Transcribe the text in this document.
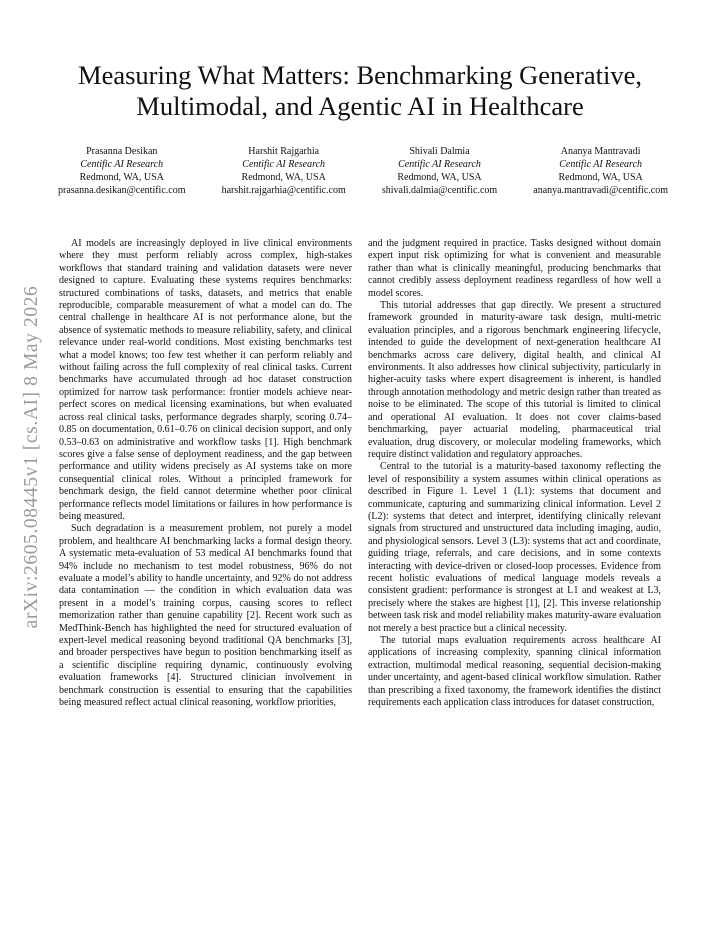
Measuring What Matters: Benchmarking Generative, Multimodal, and Agentic AI in Healthcare
Prasanna Desikan
Centific AI Research
Redmond, WA, USA
prasanna.desikan@centific.com
Harshit Rajgarhia
Centific AI Research
Redmond, WA, USA
harshit.rajgarhia@centific.com
Shivali Dalmia
Centific AI Research
Redmond, WA, USA
shivali.dalmia@centific.com
Ananya Mantravadi
Centific AI Research
Redmond, WA, USA
ananya.mantravadi@centific.com
arXiv:2605.08445v1 [cs.AI] 8 May 2026

AI models are increasingly deployed in live clinical environments where they must perform reliably across complex, high-stakes workflows that standard training and validation datasets were never designed to capture. Evaluating these systems requires benchmarks: structured combinations of tasks, datasets, and metrics that enable reproducible, comparable measurement of what a model can do. The central challenge in healthcare AI is not performance alone, but the absence of systematic methods to measure reliability, safety, and clinical relevance under real-world conditions. Most existing benchmarks test what a model knows; too few test whether it can perform reliably and without failing across the full complexity of real clinical tasks. Current benchmarks have accumulated through ad hoc dataset construction optimized for narrow task performance: frontier models achieve near-perfect scores on medical licensing examinations, but when evaluated across real clinical tasks, performance degrades sharply, scoring 0.74–0.85 on documentation, 0.61–0.76 on clinical decision support, and only 0.53–0.63 on administrative and workflow tasks [1]. High benchmark scores give a false sense of deployment readiness, and the gap between performance and utility widens precisely as AI systems take on more consequential clinical roles. Without a principled framework for benchmark design, the field cannot determine whether poor clinical performance reflects model limitations or failures in how performance is being measured.

Such degradation is a measurement problem, not purely a model problem, and healthcare AI benchmarking lacks a formal design theory. A systematic meta-evaluation of 53 medical AI benchmarks found that 94% include no mechanism to test model robustness, 96% do not evaluate a model’s ability to handle uncertainty, and 92% do not address data contamination — the condition in which evaluation data was present in a model’s training corpus, causing scores to reflect memorization rather than genuine capability [2]. Recent work such as MedThink-Bench has highlighted the need for structured evaluation of expert-level medical reasoning beyond traditional QA benchmarks [3], and broader perspectives have begun to position benchmarking itself as a scientific discipline requiring dynamic, continuously evolving evaluation frameworks [4]. Structured clinician involvement in benchmark construction is essential to ensuring that the capabilities being measured reflect actual clinical reasoning, workflow priorities,

and the judgment required in practice. Tasks designed without domain expert input risk optimizing for what is convenient and measurable rather than what is clinically meaningful, producing benchmarks that cannot credibly assess deployment readiness regardless of how well a model scores.

This tutorial addresses that gap directly. We present a structured framework grounded in maturity-aware task design, multi-metric evaluation principles, and a rigorous benchmark engineering lifecycle, intended to guide the development of next-generation healthcare AI benchmarks across care delivery, digital health, and clinical AI environments. It also addresses how clinical subjectivity, particularly in higher-acuity tasks where expert disagreement is inherent, is handled through annotation methodology and metric design rather than treated as noise to be eliminated. The scope of this tutorial is limited to clinical and operational AI evaluation. It does not cover claims-based benchmarking, payer actuarial modeling, pharmaceutical trial evaluation, drug discovery, or molecular modeling frameworks, which require distinct validation and regulatory approaches.

Central to the tutorial is a maturity-based taxonomy reflecting the level of responsibility a system assumes within clinical operations as described in Figure 1. Level 1 (L1): systems that document and communicate, capturing and summarizing clinical information. Level 2 (L2): systems that detect and interpret, identifying clinically relevant signals from structured and unstructured data including imaging, audio, and physiological sensors. Level 3 (L3): systems that act and coordinate, guiding triage, referrals, and care decisions, and in some contexts interacting with device-driven or closed-loop processes. Evidence from recent holistic evaluations of medical language models reveals a consistent gradient: performance is strongest at L1 and weakest at L3, precisely where the stakes are highest [1], [2]. This inverse relationship between task risk and model reliability makes maturity-aware evaluation not merely a best practice but a clinical necessity.

The tutorial maps evaluation requirements across healthcare AI applications of increasing complexity, spanning clinical information extraction, multimodal medical reasoning, sequential decision-making under uncertainty, and agent-based clinical workflow simulation. Rather than prescribing a fixed taxonomy, the framework identifies the distinct requirements each application class introduces for dataset construction,
